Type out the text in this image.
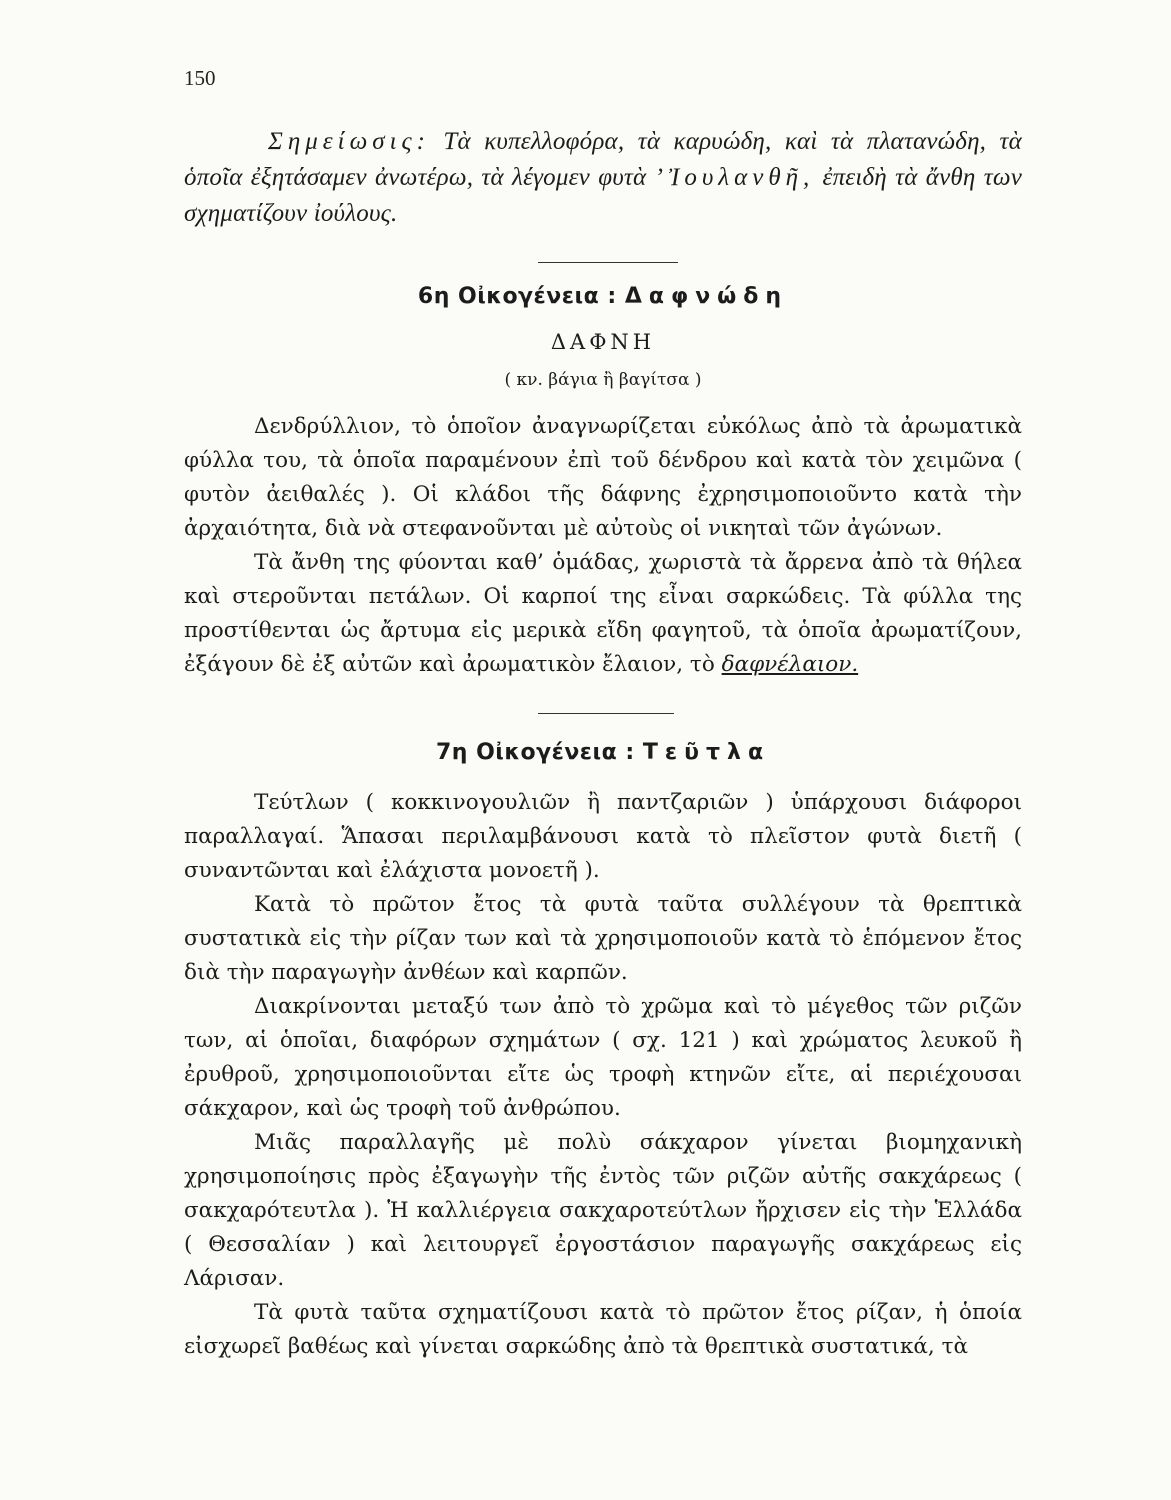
150
Σημείωσις: Τὰ κυπελλοφόρα, τὰ καρυώδη, καὶ τὰ πλατανώδη, τὰ ὁποῖα ἐξητάσαμεν ἀνωτέρω, τὰ λέγομεν φυτὰ ’ Ἰουλανθῆ, ἐπειδὴ τὰ ἄνθη των σχηματίζουν ἰούλους.
6η Οἰκογένεια : Δαφνώδη
ΔΑΦΝΗ
( κν. βάγια ἢ βαγίτσα )

Δενδρύλλιον, τὸ ὁποῖον ἀναγνωρίζεται εὐκόλως ἀπὸ τὰ ἀρωματικὰ φύλλα του, τὰ ὁποῖα παραμένουν ἐπὶ τοῦ δένδρου καὶ κατὰ τὸν χειμῶνα ( φυτὸν ἀειθαλές ). Οἱ κλάδοι τῆς δάφνης ἐχρησιμοποιοῦντο κατὰ τὴν ἀρχαιότητα, διὰ νὰ στεφανοῦνται μὲ αὐτοὺς οἱ νικηταὶ τῶν ἀγώνων.

Τὰ ἄνθη της φύονται καθ’ ὁμάδας, χωριστὰ τὰ ἄρρενα ἀπὸ τὰ θήλεα καὶ στεροῦνται πετάλων. Οἱ καρποί της εἶναι σαρκώδεις. Τὰ φύλλα της προστίθενται ὡς ἄρτυμα εἰς μερικὰ εἴδη φαγητοῦ, τὰ ὁποῖα ἀρωματίζουν, ἐξάγουν δὲ ἐξ αὐτῶν καὶ ἀρωματικὸν ἔλαιον, τὸ δαφνέλαιον.

7η Οἰκογένεια : Τεῦτλα

Τεύτλων ( κοκκινογουλιῶν ἢ παντζαριῶν ) ὑπάρχουσι διάφοροι παραλλαγαί. Ἅπασαι περιλαμβάνουσι κατὰ τὸ πλεῖστον φυτὰ διετῆ ( συναντῶνται καὶ ἐλάχιστα μονοετῆ ).

Κατὰ τὸ πρῶτον ἔτος τὰ φυτὰ ταῦτα συλλέγουν τὰ θρεπτικὰ συστατικὰ εἰς τὴν ρίζαν των καὶ τὰ χρησιμοποιοῦν κατὰ τὸ ἑπόμενον ἔτος διὰ τὴν παραγωγὴν ἀνθέων καὶ καρπῶν.

Διακρίνονται μεταξύ των ἀπὸ τὸ χρῶμα καὶ τὸ μέγεθος τῶν ριζῶν των, αἱ ὁποῖαι, διαφόρων σχημάτων ( σχ. 121 ) καὶ χρώματος λευκοῦ ἢ ἐρυθροῦ, χρησιμοποιοῦνται εἴτε ὡς τροφὴ κτηνῶν εἴτε, αἱ περιέχουσαι σάκχαρον, καὶ ὡς τροφὴ τοῦ ἀνθρώπου.

Μιᾶς παραλλαγῆς μὲ πολὺ σάκχαρον γίνεται βιομηχανικὴ χρησιμοποίησις πρὸς ἐξαγωγὴν τῆς ἐντὸς τῶν ριζῶν αὐτῆς σακχάρεως ( σακχαρότευτλα ). Ἡ καλλιέργεια σακχαροτεύτλων ἤρχισεν εἰς τὴν Ἑλλάδα ( Θεσσαλίαν ) καὶ λειτουργεῖ ἐργοστάσιον παραγωγῆς σακχάρεως εἰς Λάρισαν.

Τὰ φυτὰ ταῦτα σχηματίζουσι κατὰ τὸ πρῶτον ἔτος ρίζαν, ἡ ὁποία εἰσχωρεῖ βαθέως καὶ γίνεται σαρκώδης ἀπὸ τὰ θρεπτικὰ συστατικά, τὰ
